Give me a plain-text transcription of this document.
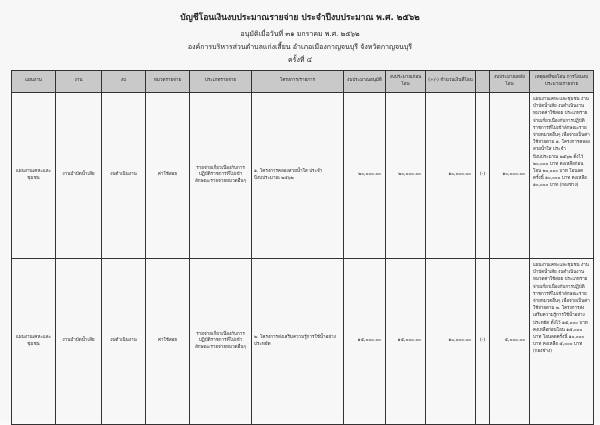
บัญชีโอนเงินงบประมาณรายจ่าย ประจำปีงบประมาณ พ.ศ. ๒๕๖๒
อนุมัติเมื่อวันที่ ๓๑ มกราคม พ.ศ. ๒๕๖๒
องค์การบริหารส่วนตำบลแก่งเสี้ยน อำเภอเมืองกาญจนบุรี จังหวัดกาญจนบุรี
ครั้งที่ ๔
แผนงาน	งาน	งบ	หมวดรายจ่าย	ประเภทรายจ่าย	โครงการ/รายการ	งบประมาณอนุมัติ	งบประมาณก่อนโอน	(+/-) จำนวนเงินที่โอน		งบประมาณหลังโอน	เหตุผลที่ขอโอน การโอนงบประมาณรายจ่าย
แผนงานเคหะและชุมชน	งานบำบัดน้ำเสีย	งบดำเนินงาน	ค่าใช้สอย	รายจ่ายเกี่ยวเนื่องกับการปฏิบัติราชการที่ไม่เข้าลักษณะรายจ่ายหมวดอื่นๆ	๑. โครงการคลองสวยน้ำใส ประจำปีงบประมาณ ๒๕๖๒	๒๐,๐๐๐.๐๐	๒๐,๐๐๐.๐๐	๑๐,๐๐๐.๐๐	(-)	๑๐,๐๐๐.๐๐	แผนงานเคหะและชุมชน งานบำบัดน้ำเสีย งบดำเนินงาน หมวดค่าใช้สอย ประเภทรายจ่ายเกี่ยวเนื่องกับการปฏิบัติราชการที่ไม่เข้าลักษณะรายจ่ายหมวดอื่นๆ เพื่อจ่ายเป็นค่าใช้จ่ายตาม ๑. โครงการคลองสวยน้ำใส ประจำปีงบประมาณ ๒๕๖๒ ตั้งไว้ ๒๐,๐๐๐ บาท คงเหลือก่อนโอน ๒๐,๐๐๐ บาท โอนลดครั้งนี้ ๑๐,๐๐๐ บาท คงเหลือ ๑๐,๐๐๐ บาท (กองช่าง)
แผนงานเคหะและชุมชน	งานบำบัดน้ำเสีย	งบดำเนินงาน	ค่าใช้สอย	รายจ่ายเกี่ยวเนื่องกับการปฏิบัติราชการที่ไม่เข้าลักษณะรายจ่ายหมวดอื่นๆ	๒. โครงการส่งเสริมความรู้การใช้น้ำอย่างประหยัด	๑๕,๐๐๐.๐๐	๑๕,๐๐๐.๐๐	๑๐,๐๐๐.๐๐	(-)	๕,๐๐๐.๐๐	แผนงานเคหะและชุมชน งานบำบัดน้ำเสีย งบดำเนินงาน หมวดค่าใช้สอย ประเภทรายจ่ายเกี่ยวเนื่องกับการปฏิบัติราชการที่ไม่เข้าลักษณะรายจ่ายหมวดอื่นๆ เพื่อจ่ายเป็นค่าใช้จ่ายตาม ๒. โครงการส่งเสริมความรู้การใช้น้ำอย่างประหยัด ตั้งไว้ ๑๕,๐๐๐ บาท คงเหลือก่อนโอน ๑๕,๐๐๐ บาท โอนลดครั้งนี้ ๑๐,๐๐๐ บาท คงเหลือ ๕,๐๐๐ บาท (กองช่าง)
